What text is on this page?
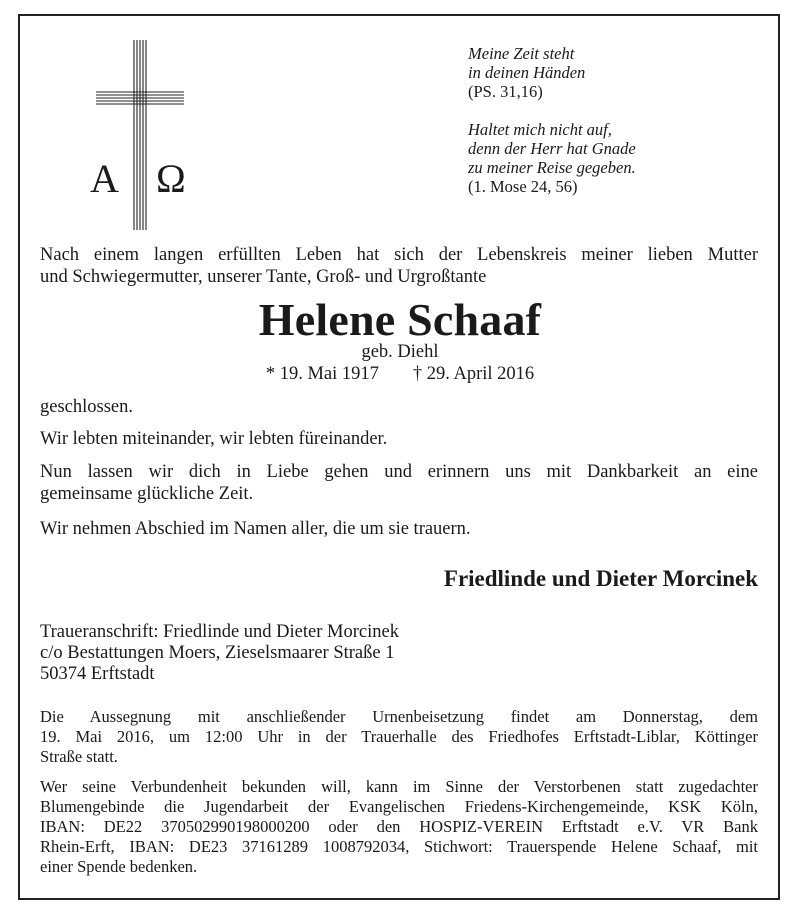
A Ω
Meine Zeit steht
in deinen Händen
(PS. 31,16)
Haltet mich nicht auf,
denn der Herr hat Gnade
zu meiner Reise gegeben.
(1. Mose 24, 56)
Nach einem langen erfüllten Leben hat sich der Lebenskreis meiner lieben Mutter
und Schwiegermutter, unserer Tante, Groß- und Urgroßtante
Helene Schaaf
geb. Diehl
* 19. Mai 1917 † 29. April 2016
geschlossen.
Wir lebten miteinander, wir lebten füreinander.
Nun lassen wir dich in Liebe gehen und erinnern uns mit Dankbarkeit an eine
gemeinsame glückliche Zeit.
Wir nehmen Abschied im Namen aller, die um sie trauern.
Friedlinde und Dieter Morcinek
Traueranschrift: Friedlinde und Dieter Morcinek
c/o Bestattungen Moers, Zieselsmaarer Straße 1
50374 Erftstadt
Die Aussegnung mit anschließender Urnenbeisetzung findet am Donnerstag, dem
19. Mai 2016, um 12:00 Uhr in der Trauerhalle des Friedhofes Erftstadt-Liblar, Köttinger
Straße statt.
Wer seine Verbundenheit bekunden will, kann im Sinne der Verstorbenen statt zugedachter
Blumengebinde die Jugendarbeit der Evangelischen Friedens-Kirchengemeinde, KSK Köln,
IBAN: DE22 370502990198000200 oder den HOSPIZ-VEREIN Erftstadt e.V. VR Bank
Rhein-Erft, IBAN: DE23 37161289 1008792034, Stichwort: Trauerspende Helene Schaaf, mit
einer Spende bedenken.
